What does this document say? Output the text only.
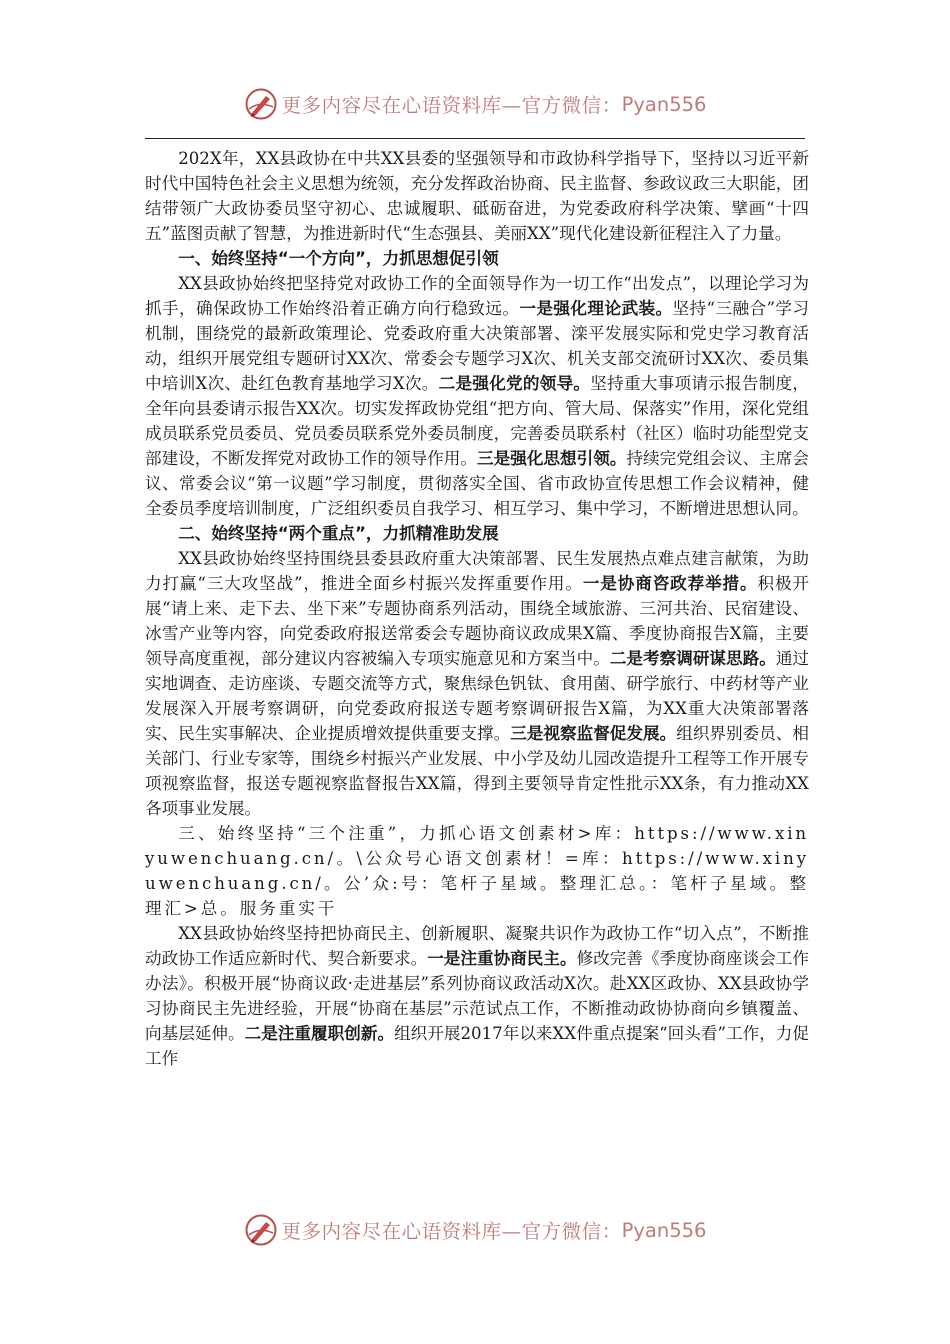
更多内容尽在心语资料库—官方微信： Pyan556

202X年，XX县政协在中共XX县委的坚强领导和市政协科学指导下，坚持以习近平新时代中国特色社会主义思想为统领，充分发挥政治协商、民主监督、参政议政三大职能，团结带领广大政协委员坚守初心、忠诚履职、砥砺奋进，为党委政府科学决策、擘画“十四五”蓝图贡献了智慧，为推进新时代“生态强县、美丽XX”现代化建设新征程注入了力量。

一、始终坚持“一个方向”，力抓思想促引领

XX县政协始终把坚持党对政协工作的全面领导作为一切工作“出发点”，以理论学习为抓手，确保政协工作始终沿着正确方向行稳致远。一是强化理论武装。坚持“三融合”学习机制，围绕党的最新政策理论、党委政府重大决策部署、滦平发展实际和党史学习教育活动，组织开展党组专题研讨XX次、常委会专题学习X次、机关支部交流研讨XX次、委员集中培训X次、赴红色教育基地学习X次。二是强化党的领导。坚持重大事项请示报告制度，全年向县委请示报告XX次。切实发挥政协党组“把方向、管大局、保落实”作用，深化党组成员联系党员委员、党员委员联系党外委员制度，完善委员联系村（社区）临时功能型党支部建设，不断发挥党对政协工作的领导作用。三是强化思想引领。持续完党组会议、主席会议、常委会议“第一议题”学习制度，贯彻落实全国、省市政协宣传思想工作会议精神，健全委员季度培训制度，广泛组织委员自我学习、相互学习、集中学习，不断增进思想认同。

二、始终坚持“两个重点”，力抓精准助发展

XX县政协始终坚持围绕县委县政府重大决策部署、民生发展热点难点建言献策，为助力打赢“三大攻坚战”，推进全面乡村振兴发挥重要作用。一是协商咨政荐举措。积极开展“请上来、走下去、坐下来”专题协商系列活动，围绕全域旅游、三河共治、民宿建设、冰雪产业等内容，向党委政府报送常委会专题协商议政成果X篇、季度协商报告X篇，主要领导高度重视，部分建议内容被编入专项实施意见和方案当中。二是考察调研谋思路。通过实地调查、走访座谈、专题交流等方式，聚焦绿色钒钛、食用菌、研学旅行、中药材等产业发展深入开展考察调研，向党委政府报送专题考察调研报告X篇，为XX重大决策部署落实、民生实事解决、企业提质增效提供重要支撑。三是视察监督促发展。组织界别委员、相关部门、行业专家等，围绕乡村振兴产业发展、中小学及幼儿园改造提升工程等工作开展专项视察监督，报送专题视察监督报告XX篇，得到主要领导肯定性批示XX条，有力推动XX各项事业发展。

三、始终坚持“三个注重”，力抓心语文创素材>库：https://www.xinyuwenchuang.cn/。\公众号心语文创素材！=库：https://www.xinyuwenchuang.cn/。公’众:号：笔杆子星域。整理汇总。：笔杆子星域。整理汇>总。服务重实干

XX县政协始终坚持把协商民主、创新履职、凝聚共识作为政协工作“切入点”，不断推动政协工作适应新时代、契合新要求。一是注重协商民主。修改完善《季度协商座谈会工作办法》。积极开展“协商议政·走进基层”系列协商议政活动X次。赴XX区政协、XX县政协学习协商民主先进经验，开展“协商在基层”示范试点工作，不断推动政协协商向乡镇覆盖、向基层延伸。二是注重履职创新。组织开展2017年以来XX件重点提案“回头看”工作，力促工作

更多内容尽在心语资料库—官方微信： Pyan556
